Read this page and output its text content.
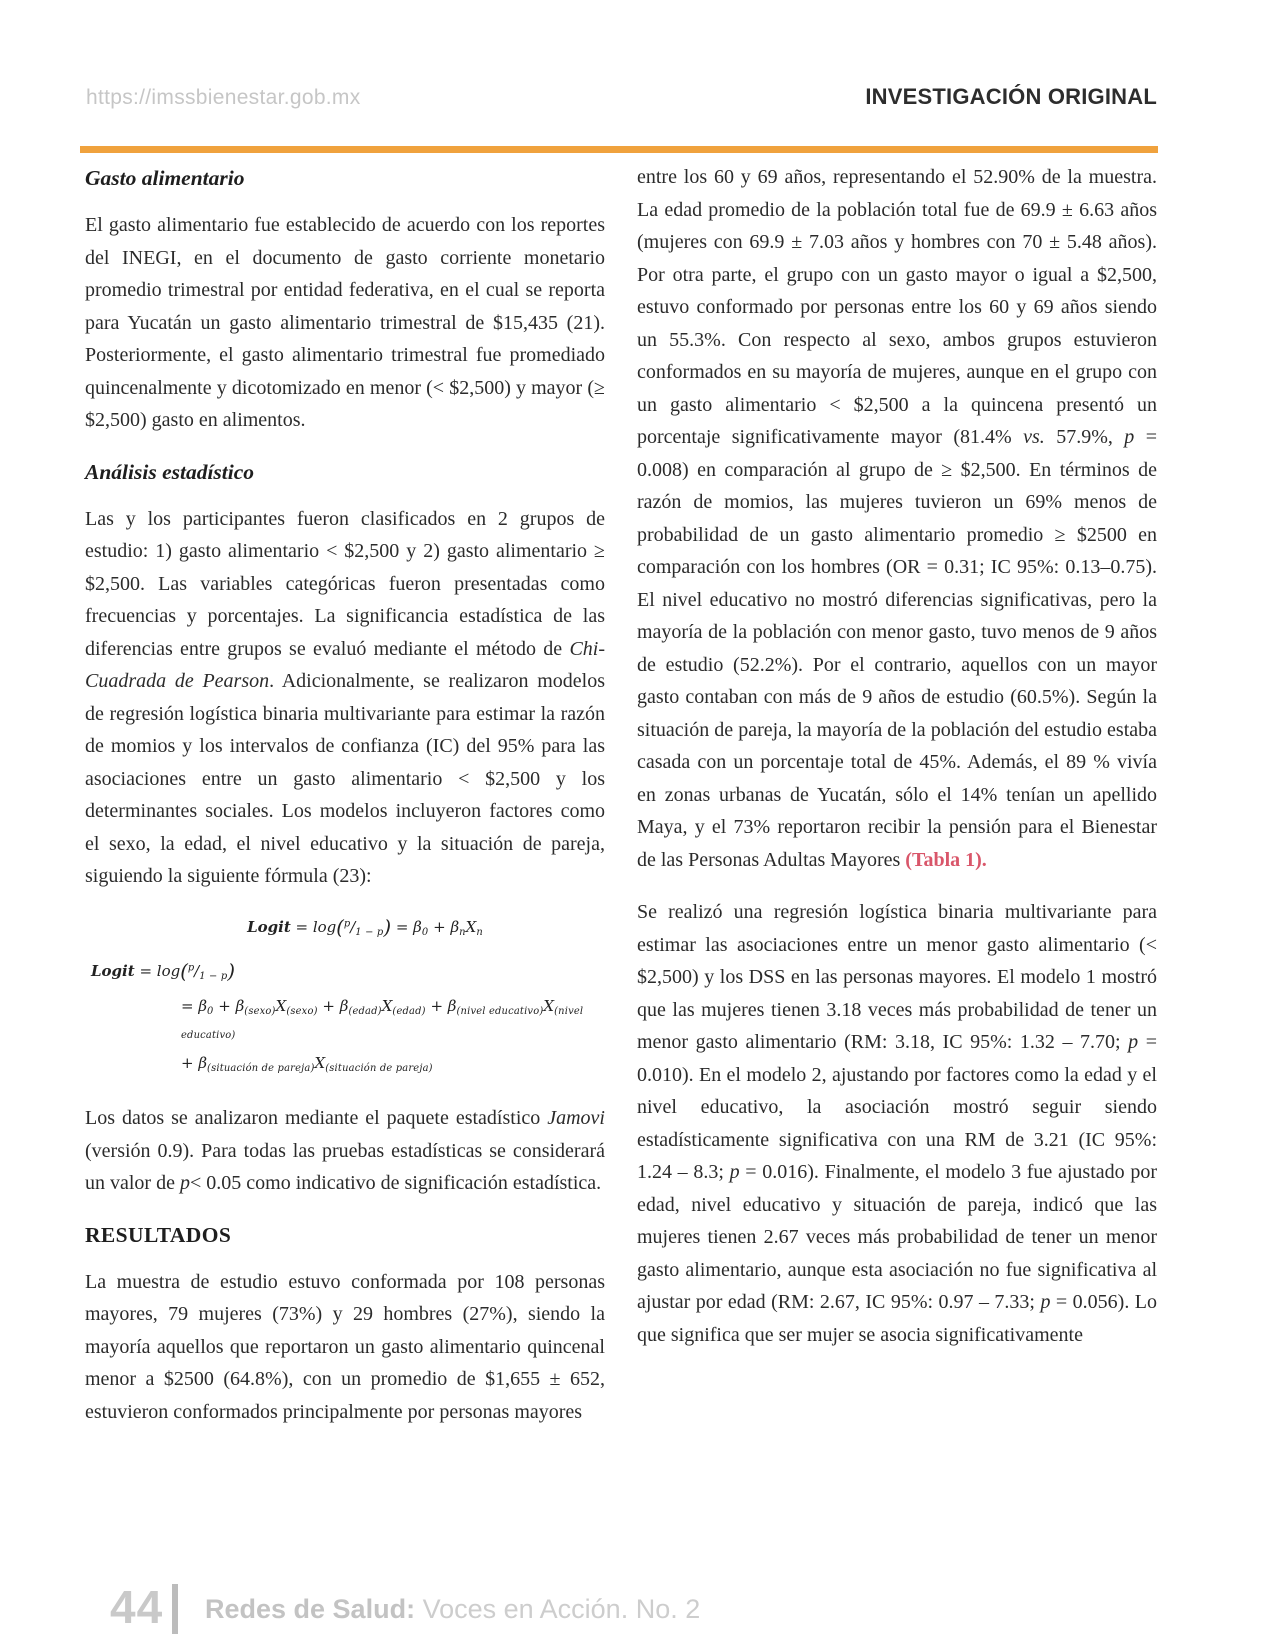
https://imssbienestar.gob.mx	INVESTIGACIÓN ORIGINAL
Gasto alimentario

El gasto alimentario fue establecido de acuerdo con los reportes del INEGI, en el documento de gasto corriente monetario promedio trimestral por entidad federativa, en el cual se reporta para Yucatán un gasto alimentario trimestral de $15,435 (21). Posteriormente, el gasto alimentario trimestral fue promediado quincenalmente y dicotomizado en menor (< $2,500) y mayor (≥ $2,500) gasto en alimentos.

Análisis estadístico

Las y los participantes fueron clasificados en 2 grupos de estudio: 1) gasto alimentario < $2,500 y 2) gasto alimentario ≥ $2,500. Las variables categóricas fueron presentadas como frecuencias y porcentajes. La significancia estadística de las diferencias entre grupos se evaluó mediante el método de Chi-Cuadrada de Pearson. Adicionalmente, se realizaron modelos de regresión logística binaria multivariante para estimar la razón de momios y los intervalos de confianza (IC) del 95% para las asociaciones entre un gasto alimentario < $2,500 y los determinantes sociales. Los modelos incluyeron factores como el sexo, la edad, el nivel educativo y la situación de pareja, siguiendo la siguiente fórmula (23):

Logit = $\log(^p/_{1 - p}) = \beta_0 + \beta_nX_n$
Logit = $\log(^p/_{1 - p})$
= $\beta_0 + \beta_{(sexo)}X_{(sexo)} + \beta_{(edad)}X_{(edad)} + \beta_{(nivel educativo)}X_{(nivel educativo)}$
+ $\beta_{(situación de pareja)}X_{(situación de pareja)}$

Los datos se analizaron mediante el paquete estadístico Jamovi (versión 0.9). Para todas las pruebas estadísticas se considerará un valor de p< 0.05 como indicativo de significación estadística.

RESULTADOS

La muestra de estudio estuvo conformada por 108 personas mayores, 79 mujeres (73%) y 29 hombres (27%), siendo la mayoría aquellos que reportaron un gasto alimentario quincenal menor a $2500 (64.8%), con un promedio de $1,655 ± 652, estuvieron conformados principalmente por personas mayores

entre los 60 y 69 años, representando el 52.90% de la muestra. La edad promedio de la población total fue de 69.9 ± 6.63 años (mujeres con 69.9 ± 7.03 años y hombres con 70 ± 5.48 años). Por otra parte, el grupo con un gasto mayor o igual a $2,500, estuvo conformado por personas entre los 60 y 69 años siendo un 55.3%. Con respecto al sexo, ambos grupos estuvieron conformados en su mayoría de mujeres, aunque en el grupo con un gasto alimentario < $2,500 a la quincena presentó un porcentaje significativamente mayor (81.4% vs. 57.9%, p = 0.008) en comparación al grupo de ≥ $2,500. En términos de razón de momios, las mujeres tuvieron un 69% menos de probabilidad de un gasto alimentario promedio ≥ $2500 en comparación con los hombres (OR = 0.31; IC 95%: 0.13–0.75). El nivel educativo no mostró diferencias significativas, pero la mayoría de la población con menor gasto, tuvo menos de 9 años de estudio (52.2%). Por el contrario, aquellos con un mayor gasto contaban con más de 9 años de estudio (60.5%). Según la situación de pareja, la mayoría de la población del estudio estaba casada con un porcentaje total de 45%. Además, el 89 % vivía en zonas urbanas de Yucatán, sólo el 14% tenían un apellido Maya, y el 73% reportaron recibir la pensión para el Bienestar de las Personas Adultas Mayores (Tabla 1).

Se realizó una regresión logística binaria multivariante para estimar las asociaciones entre un menor gasto alimentario (< $2,500) y los DSS en las personas mayores. El modelo 1 mostró que las mujeres tienen 3.18 veces más probabilidad de tener un menor gasto alimentario (RM: 3.18, IC 95%: 1.32 – 7.70; p = 0.010). En el modelo 2, ajustando por factores como la edad y el nivel educativo, la asociación mostró seguir siendo estadísticamente significativa con una RM de 3.21 (IC 95%: 1.24 – 8.3; p = 0.016). Finalmente, el modelo 3 fue ajustado por edad, nivel educativo y situación de pareja, indicó que las mujeres tienen 2.67 veces más probabilidad de tener un menor gasto alimentario, aunque esta asociación no fue significativa al ajustar por edad (RM: 2.67, IC 95%: 0.97 – 7.33; p = 0.056). Lo que significa que ser mujer se asocia significativamente

44 Redes de Salud: Voces en Acción. No. 2
